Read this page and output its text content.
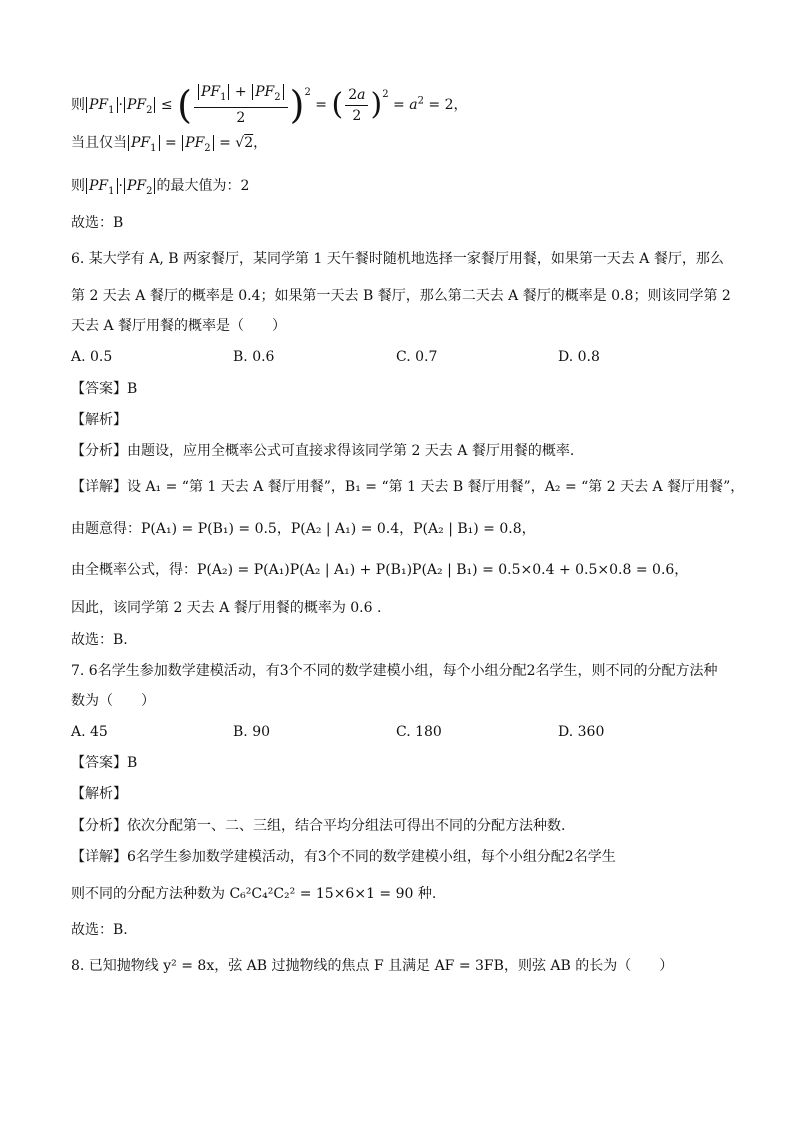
则 $PF_1 \cdot PF_2$ ≤ ( $\frac{PF_1 + PF_2}{2} )^2$ = ( $\frac{2a}{2} )^2 = a^2 = 2$，
当且仅当 $PF_1 = PF_2 = √2$，
则 $PF_1 \cdot PF_2$ 的最大值为：2
故选：B
6. 某大学有 A, B 两家餐厅，某同学第 1 天午餐时随机地选择一家餐厅用餐，如果第一天去 A 餐厅，那么
第 2 天去 A 餐厅的概率是 0.4；如果第一天去 B 餐厅，那么第二天去 A 餐厅的概率是 0.8；则该同学第 2
天去 A 餐厅用餐的概率是（　　）
A. 0.5	B. 0.6	C. 0.7	D. 0.8
【答案】B
【解析】
【分析】由题设，应用全概率公式可直接求得该同学第 2 天去 A 餐厅用餐的概率.
【详解】设 A₁ = “第 1 天去 A 餐厅用餐”，B₁ = “第 1 天去 B 餐厅用餐”，A₂ = “第 2 天去 A 餐厅用餐”，
由题意得：P(A₁) = P(B₁) = 0.5，P(A₂ | A₁) = 0.4，P(A₂ | B₁) = 0.8，
由全概率公式，得：P(A₂) = P(A₁)P(A₂ | A₁) + P(B₁)P(A₂ | B₁) = 0.5×0.4 + 0.5×0.8 = 0.6，
因此，该同学第 2 天去 A 餐厅用餐的概率为 0.6 .
故选：B.
7. 6名学生参加数学建模活动，有3个不同的数学建模小组，每个小组分配2名学生，则不同的分配方法种
数为（　　）
A. 45	B. 90	C. 180	D. 360
【答案】B
【解析】
【分析】依次分配第一、二、三组，结合平均分组法可得出不同的分配方法种数.
【详解】6名学生参加数学建模活动，有3个不同的数学建模小组，每个小组分配2名学生
则不同的分配方法种数为 C₆²C₄²C₂² = 15×6×1 = 90 种.
故选：B.
8. 已知抛物线 y² = 8x，弦 AB 过抛物线的焦点 F 且满足 AF = 3FB，则弦 AB 的长为（　　）
